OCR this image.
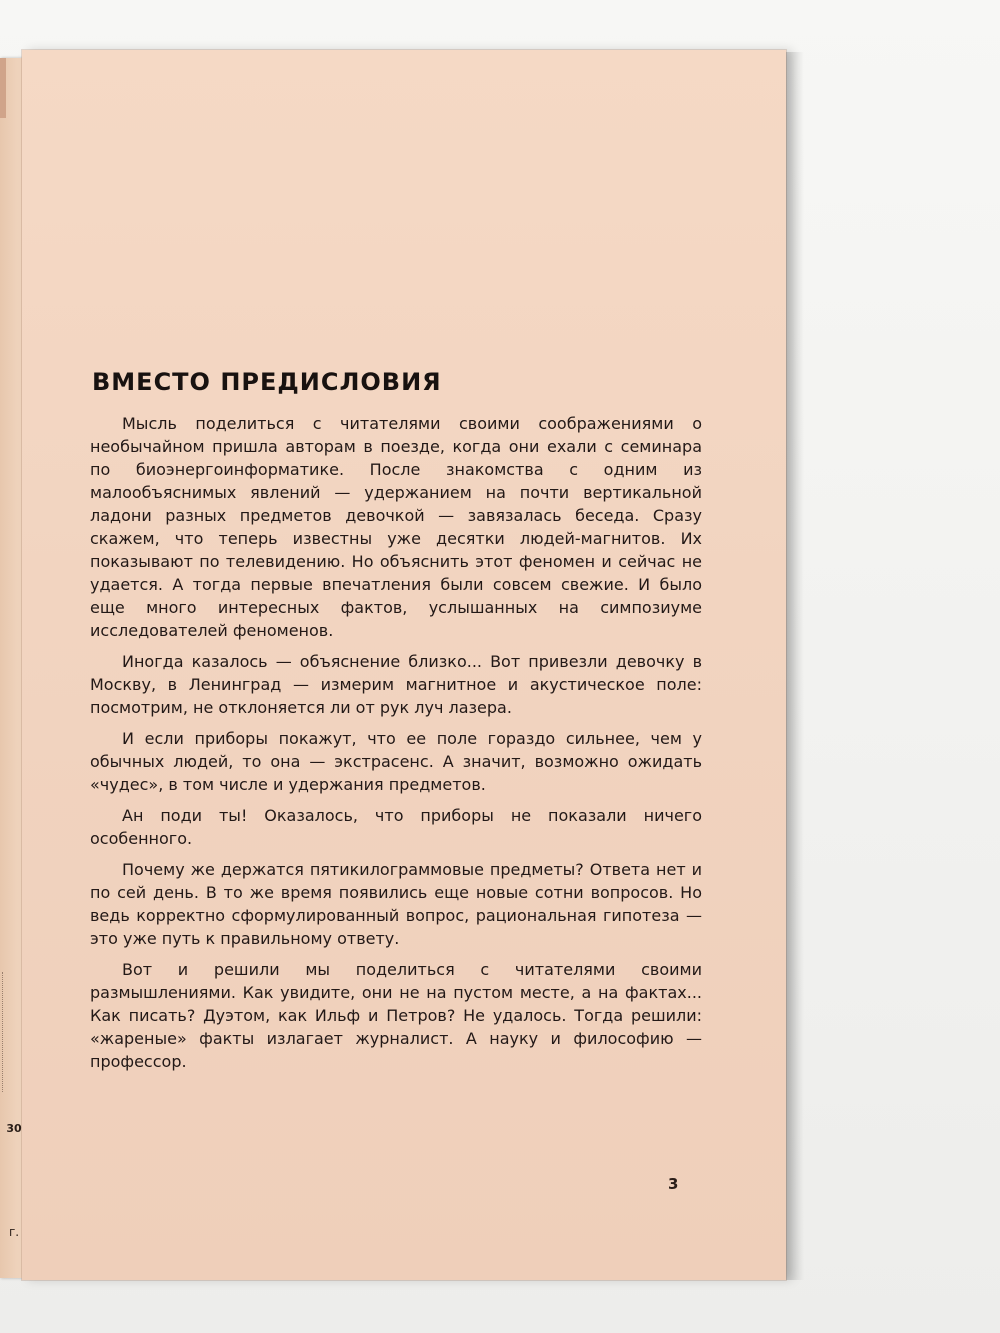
30
г.
ВМЕСТО ПРЕДИСЛОВИЯ

Мысль поделиться с читателями своими соображениями о необычайном пришла авторам в поезде, когда они ехали с семинара по биоэнергоинформатике. После знакомства с одним из малообъяснимых явлений — удержанием на почти вертикальной ладони разных предметов девочкой — завязалась беседа. Сразу скажем, что теперь известны уже десятки людей-магнитов. Их показывают по телевидению. Но объяснить этот феномен и сейчас не удается. А тогда первые впечатления были совсем свежие. И было еще много интересных фактов, услышанных на симпозиуме исследователей феноменов.

Иногда казалось — объяснение близко... Вот привезли девочку в Москву, в Ленинград — измерим магнитное и акустическое поле: посмотрим, не отклоняется ли от рук луч лазера.

И если приборы покажут, что ее поле гораздо сильнее, чем у обычных людей, то она — экстрасенс. А значит, возможно ожидать «чудес», в том числе и удержания предметов.

Ан поди ты! Оказалось, что приборы не показали ничего особенного.

Почему же держатся пятикилограммовые предметы? Ответа нет и по сей день. В то же время появились еще новые сотни вопросов. Но ведь корректно сформулированный вопрос, рациональная гипотеза — это уже путь к правильному ответу.

Вот и решили мы поделиться с читателями своими размышлениями. Как увидите, они не на пустом месте, а на фактах... Как писать? Дуэтом, как Ильф и Петров? Не удалось. Тогда решили: «жареные» факты излагает журналист. А науку и философию — профессор.

3
